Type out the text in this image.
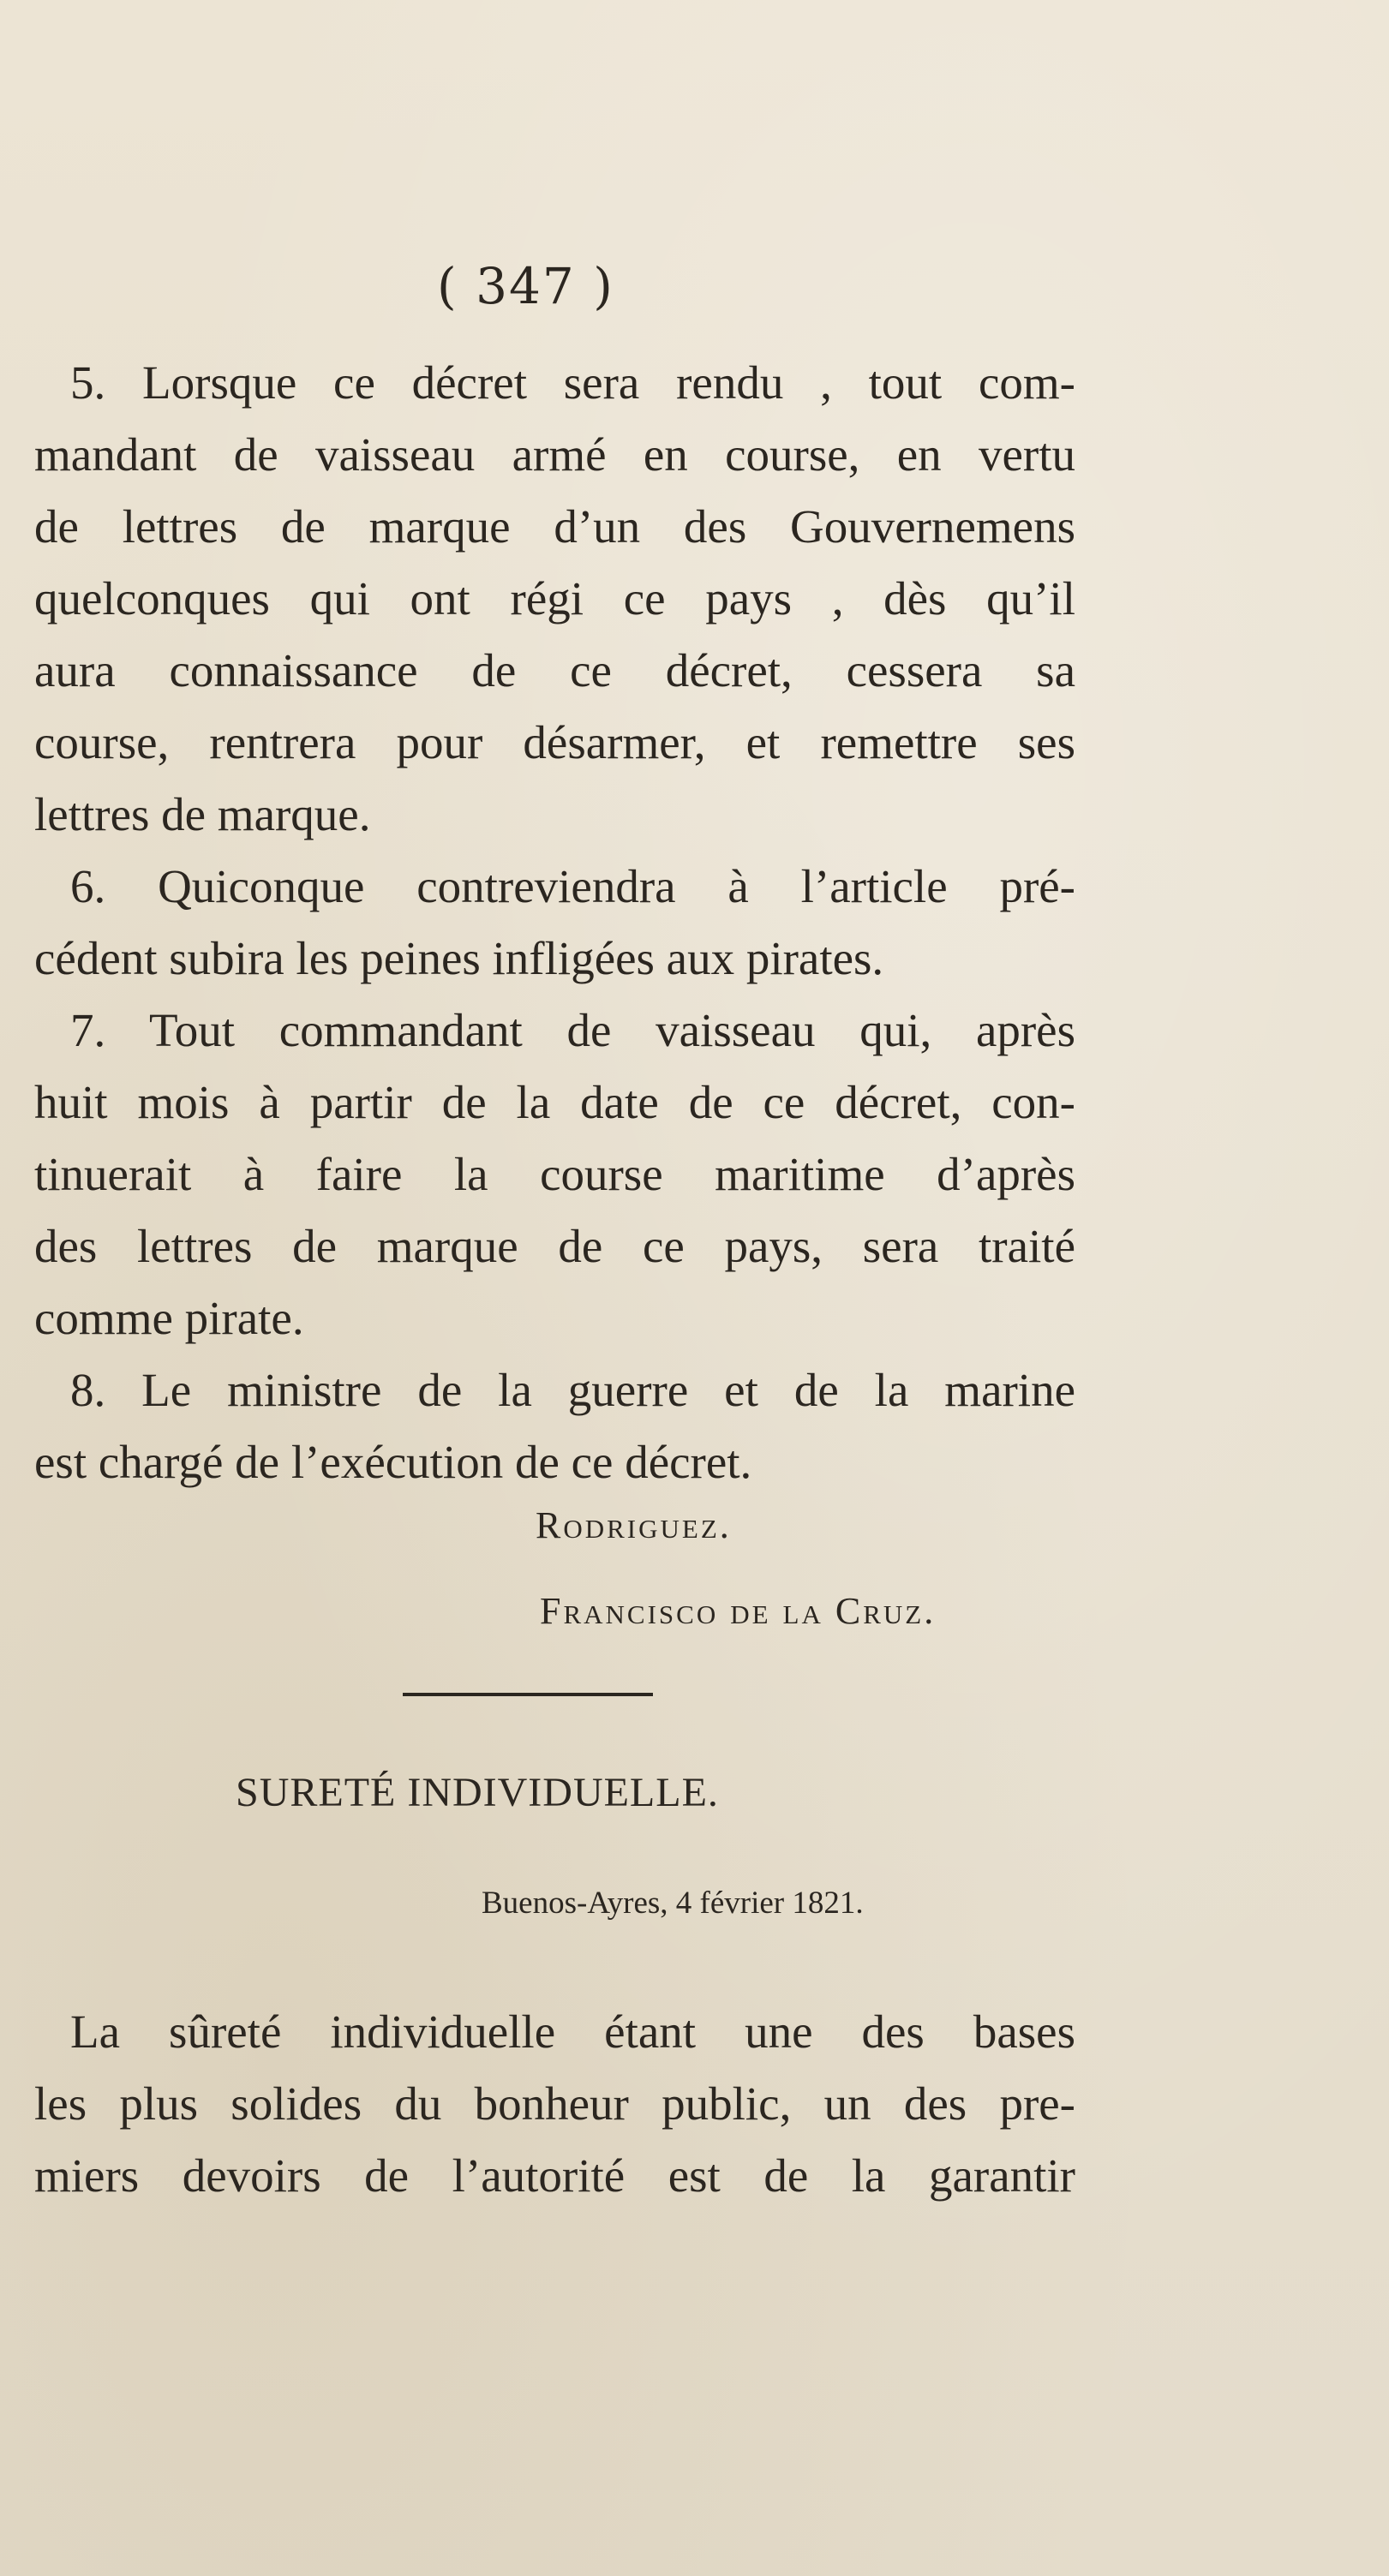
( 347 )
5. Lorsque ce décret sera rendu , tout com-
mandant de vaisseau armé en course, en vertu
de lettres de marque d’un des Gouvernemens
quelconques qui ont régi ce pays , dès qu’il
aura connaissance de ce décret, cessera sa
course, rentrera pour désarmer, et remettre ses
lettres de marque.
6. Quiconque contreviendra à l’article pré-
cédent subira les peines infligées aux pirates.
7. Tout commandant de vaisseau qui, après
huit mois à partir de la date de ce décret, con-
tinuerait à faire la course maritime d’après
des lettres de marque de ce pays, sera traité
comme pirate.
8. Le ministre de la guerre et de la marine
est chargé de l’exécution de ce décret.
Rodriguez.
Francisco de la Cruz.
SURETÉ INDIVIDUELLE.
Buenos-Ayres, 4 février 1821.
La sûreté individuelle étant une des bases
les plus solides du bonheur public, un des pre-
miers devoirs de l’autorité est de la garantir
